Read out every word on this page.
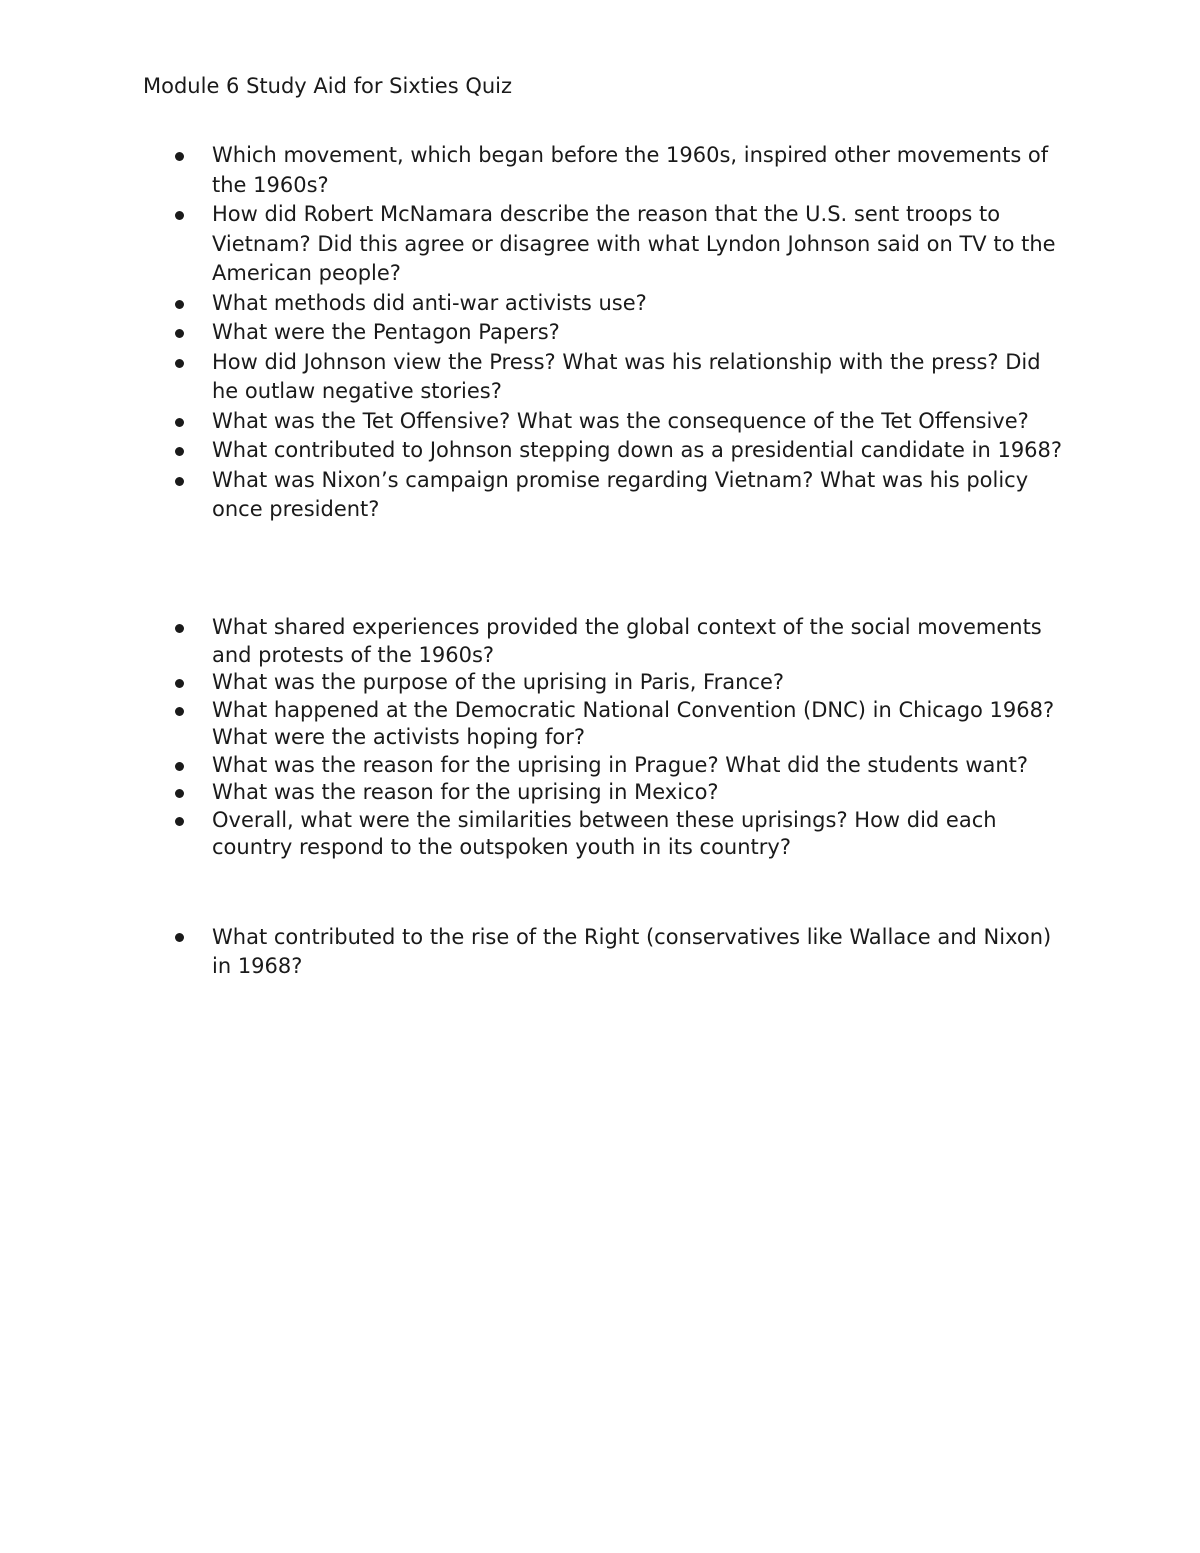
Module 6 Study Aid for Sixties Quiz
Which movement, which began before the 1960s, inspired other movements of the 1960s?
How did Robert McNamara describe the reason that the U.S. sent troops to Vietnam? Did this agree or disagree with what Lyndon Johnson said on TV to the American people?
What methods did anti-war activists use?
What were the Pentagon Papers?
How did Johnson view the Press? What was his relationship with the press? Did he outlaw negative stories?
What was the Tet Offensive? What was the consequence of the Tet Offensive?
What contributed to Johnson stepping down as a presidential candidate in 1968?
What was Nixon’s campaign promise regarding Vietnam? What was his policy once president?
What shared experiences provided the global context of the social movements and protests of the 1960s?
What was the purpose of the uprising in Paris, France?
What happened at the Democratic National Convention (DNC) in Chicago 1968? What were the activists hoping for?
What was the reason for the uprising in Prague? What did the students want?
What was the reason for the uprising in Mexico?
Overall, what were the similarities between these uprisings? How did each country respond to the outspoken youth in its country?
What contributed to the rise of the Right (conservatives like Wallace and Nixon) in 1968?
